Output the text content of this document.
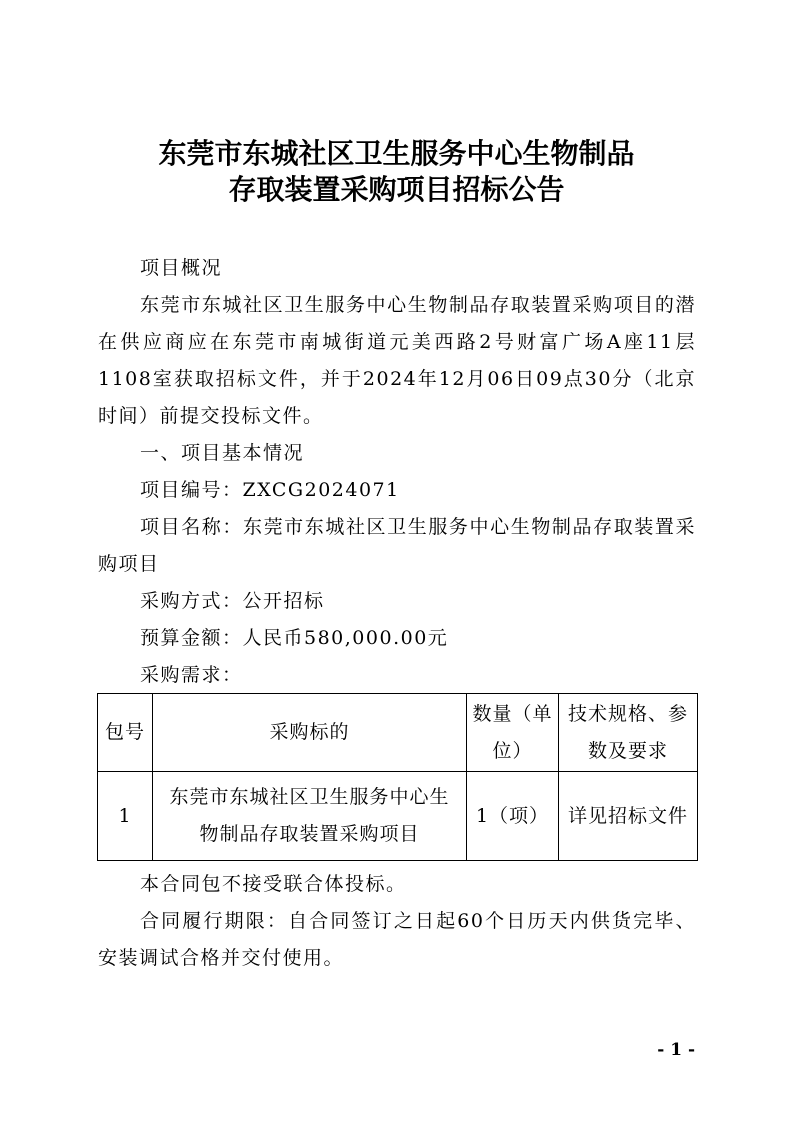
东莞市东城社区卫生服务中心生物制品
存取装置采购项目招标公告
项目概况

东莞市东城社区卫生服务中心生物制品存取装置采购项目的潜在供应商应在东莞市南城街道元美西路2号财富广场A座11层1108室获取招标文件，并于2024年12月06日09点30分（北京时间）前提交投标文件。

一、项目基本情况
项目编号：ZXCG2024071

项目名称：东莞市东城社区卫生服务中心生物制品存取装置采购项目

采购方式：公开招标
预算金额：人民币580,000.00元
采购需求：
包号	采购标的	数量（单位）	技术规格、参数及要求
1	东莞市东城社区卫生服务中心生物制品存取装置采购项目	1（项）	详见招标文件
本合同包不接受联合体投标。

合同履行期限：自合同签订之日起60个日历天内供货完毕、安装调试合格并交付使用。

- 1 -
